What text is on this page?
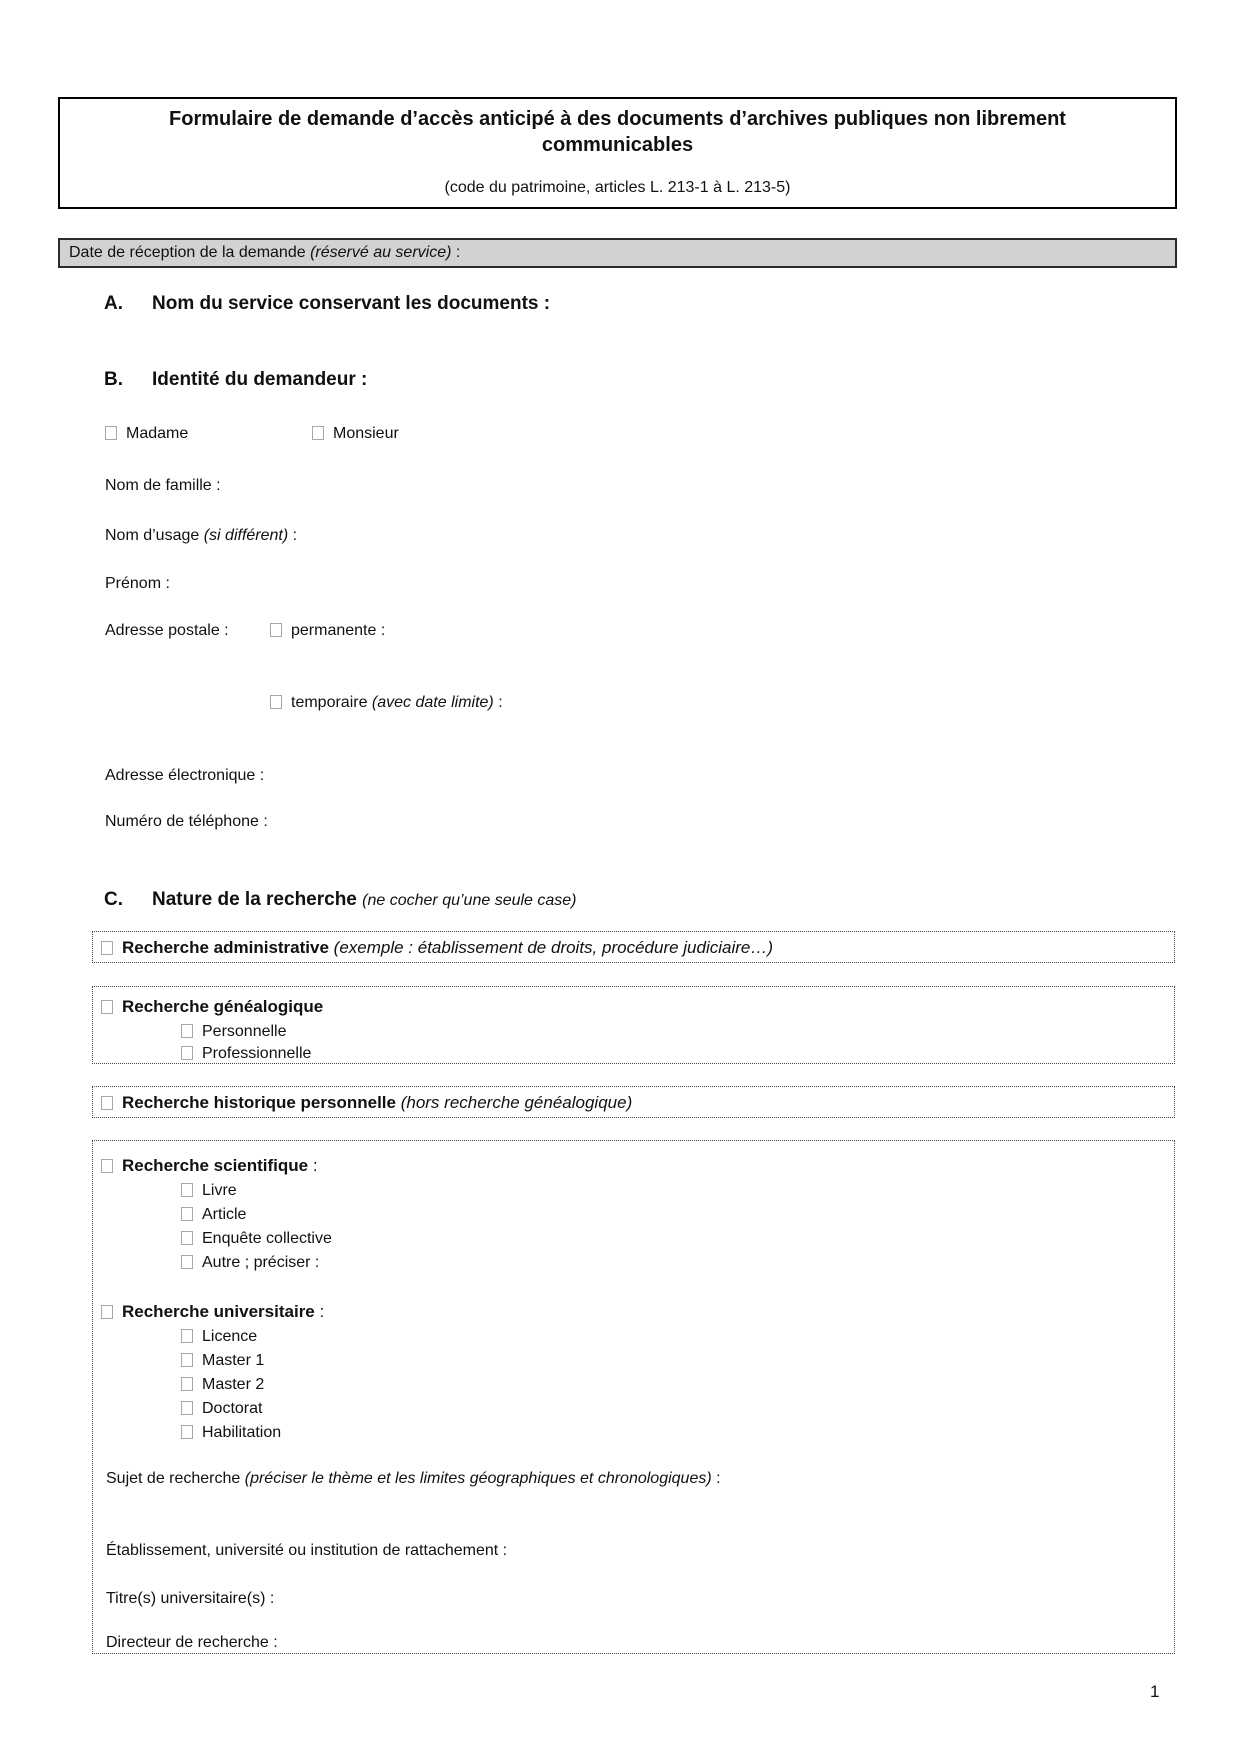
Formulaire de demande d’accès anticipé à des documents d’archives publiques non librement communicables
(code du patrimoine, articles L. 213-1 à L. 213-5)
Date de réception de la demande (réservé au service) :
A. Nom du service conservant les documents :
B. Identité du demandeur :
Madame	Monsieur
Nom de famille :
Nom d’usage (si différent) :
Prénom :
Adresse postale :	permanente :
temporaire (avec date limite) :
Adresse électronique :
Numéro de téléphone :
C. Nature de la recherche (ne cocher qu’une seule case)
Recherche administrative (exemple : établissement de droits, procédure judiciaire…)
Recherche généalogique
Personnelle
Professionnelle
Recherche historique personnelle (hors recherche généalogique)
Recherche scientifique :
Livre
Article
Enquête collective
Autre ; préciser :
Recherche universitaire :
Licence
Master 1
Master 2
Doctorat
Habilitation
Sujet de recherche (préciser le thème et les limites géographiques et chronologiques) :
Établissement, université ou institution de rattachement :
Titre(s) universitaire(s) :
Directeur de recherche :
1
